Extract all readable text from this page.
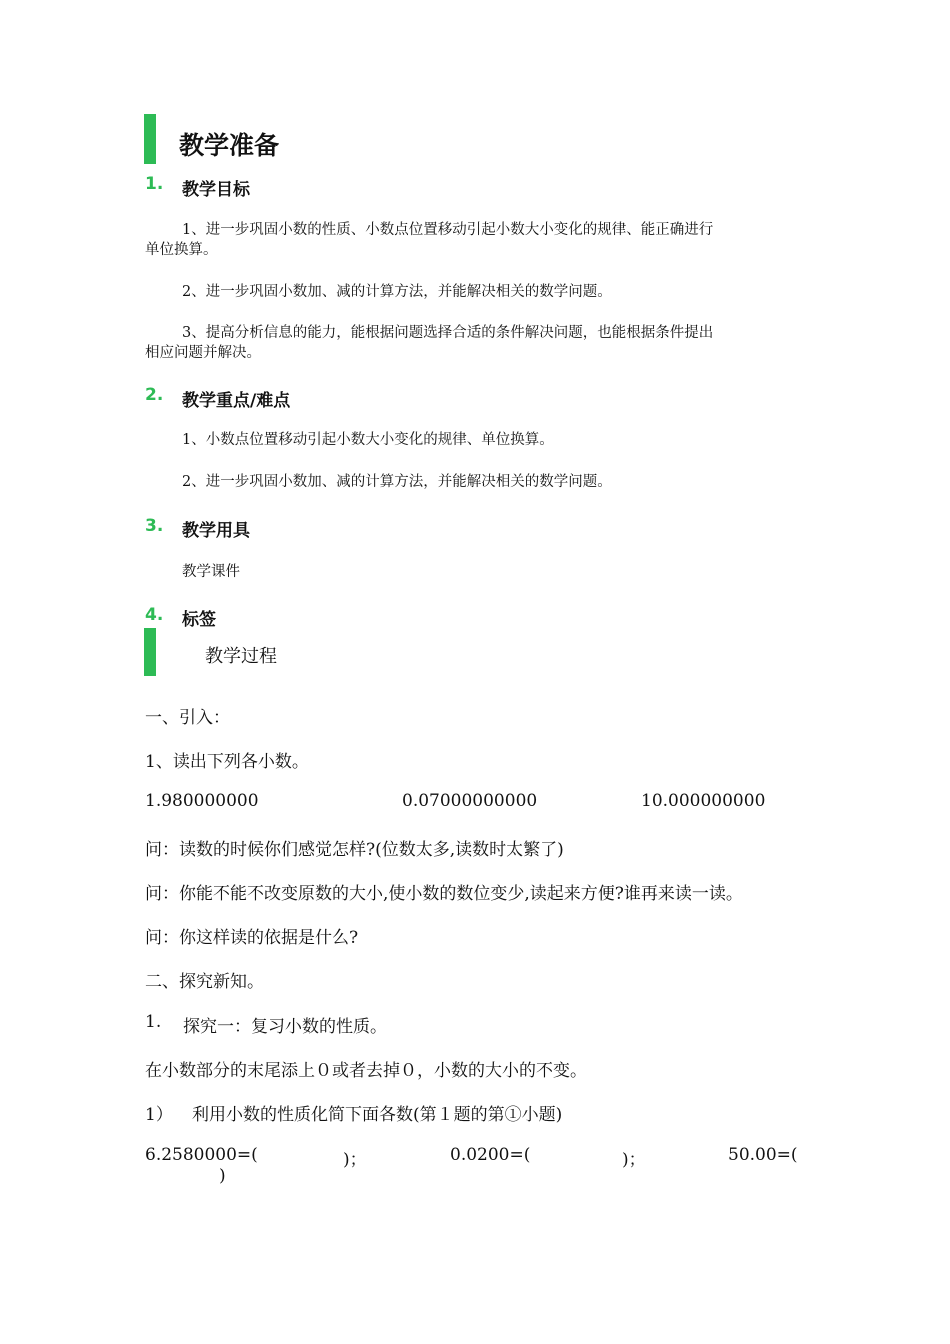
教学准备
1. 教学目标
1、进一步巩固小数的性质、小数点位置移动引起小数大小变化的规律、能正确进行
单位换算。
2、进一步巩固小数加、减的计算方法，并能解决相关的数学问题。
3、提高分析信息的能力，能根据问题选择合适的条件解决问题，也能根据条件提出
相应问题并解决。
2. 教学重点/难点
1、小数点位置移动引起小数大小变化的规律、单位换算。
2、进一步巩固小数加、减的计算方法，并能解决相关的数学问题。
3. 教学用具
教学课件
4. 标签
教学过程
一、引入：
1、读出下列各小数。
1.980000000	0.07000000000	10.000000000
问：读数的时候你们感觉怎样?(位数太多,读数时太繁了)
问：你能不能不改变原数的大小,使小数的数位变少,读起来方便?谁再来读一读。
问：你这样读的依据是什么?
二、探究新知。
1. 探究一：复习小数的性质。
在小数部分的末尾添上０或者去掉０，小数的大小的不变。
1） 利用小数的性质化简下面各数(第１题的第①小题)
6.2580000=(	)；	0.0200=(	)；	50.00=(
)
